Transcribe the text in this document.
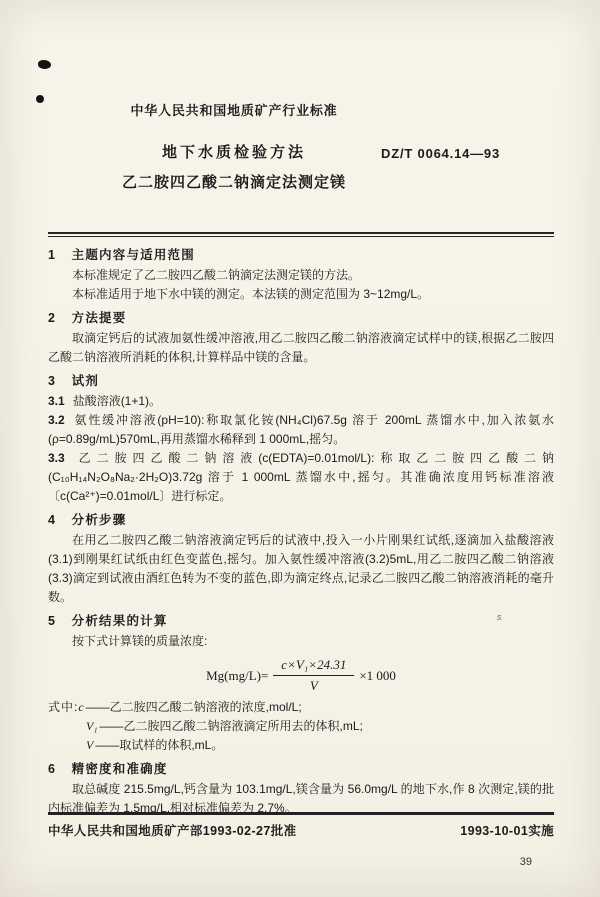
s
DZ/T 0064.14—93
中华人民共和国地质矿产行业标准
地下水质检验方法
乙二胺四乙酸二钠滴定法测定镁
1 主题内容与适用范围

本标准规定了乙二胺四乙酸二钠滴定法测定镁的方法。

本标准适用于地下水中镁的测定。本法镁的测定范围为 3~12mg/L。

2 方法提要

取滴定钙后的试液加氨性缓冲溶液,用乙二胺四乙酸二钠溶液滴定试样中的镁,根据乙二胺四乙酸二钠溶液所消耗的体积,计算样品中镁的含量。

3 试剂

3.1 盐酸溶液(1+1)。

3.2 氨性缓冲溶液(pH=10):称取氯化铵(NH₄Cl)67.5g 溶于 200mL 蒸馏水中,加入浓氨水(ρ=0.89g/mL)570mL,再用蒸馏水稀释到 1 000mL,摇匀。

3.3 乙二胺四乙酸二钠溶液(c(EDTA)=0.01mol/L):称取乙二胺四乙酸二钠(C₁₀H₁₄N₂O₈Na₂·2H₂O)3.72g 溶于 1 000mL 蒸馏水中,摇匀。其准确浓度用钙标准溶液〔c(Ca²⁺)=0.01mol/L〕进行标定。

4 分析步骤

在用乙二胺四乙酸二钠溶液滴定钙后的试液中,投入一小片刚果红试纸,逐滴加入盐酸溶液(3.1)到刚果红试纸由红色变蓝色,摇匀。加入氨性缓冲溶液(3.2)5mL,用乙二胺四乙酸二钠溶液(3.3)滴定到试液由酒红色转为不变的蓝色,即为滴定终点,记录乙二胺四乙酸二钠溶液消耗的毫升数。

5 分析结果的计算

按下式计算镁的质量浓度:

$Mg(mg/L)= \frac{\text{c×V₁×24.31}}{V} \times 1$ 000

式中:c ——乙二胺四乙酸二钠溶液的浓度,mol/L;

V₁ ——乙二胺四乙酸二钠溶液滴定所用去的体积,mL;

V ——取试样的体积,mL。

6 精密度和准确度

取总碱度 215.5mg/L,钙含量为 103.1mg/L,镁含量为 56.0mg/L 的地下水,作 8 次测定,镁的批内标准偏差为 1.5mg/L,相对标准偏差为 2.7%。

中华人民共和国地质矿产部1993-02-27批准	1993-10-01实施
39
